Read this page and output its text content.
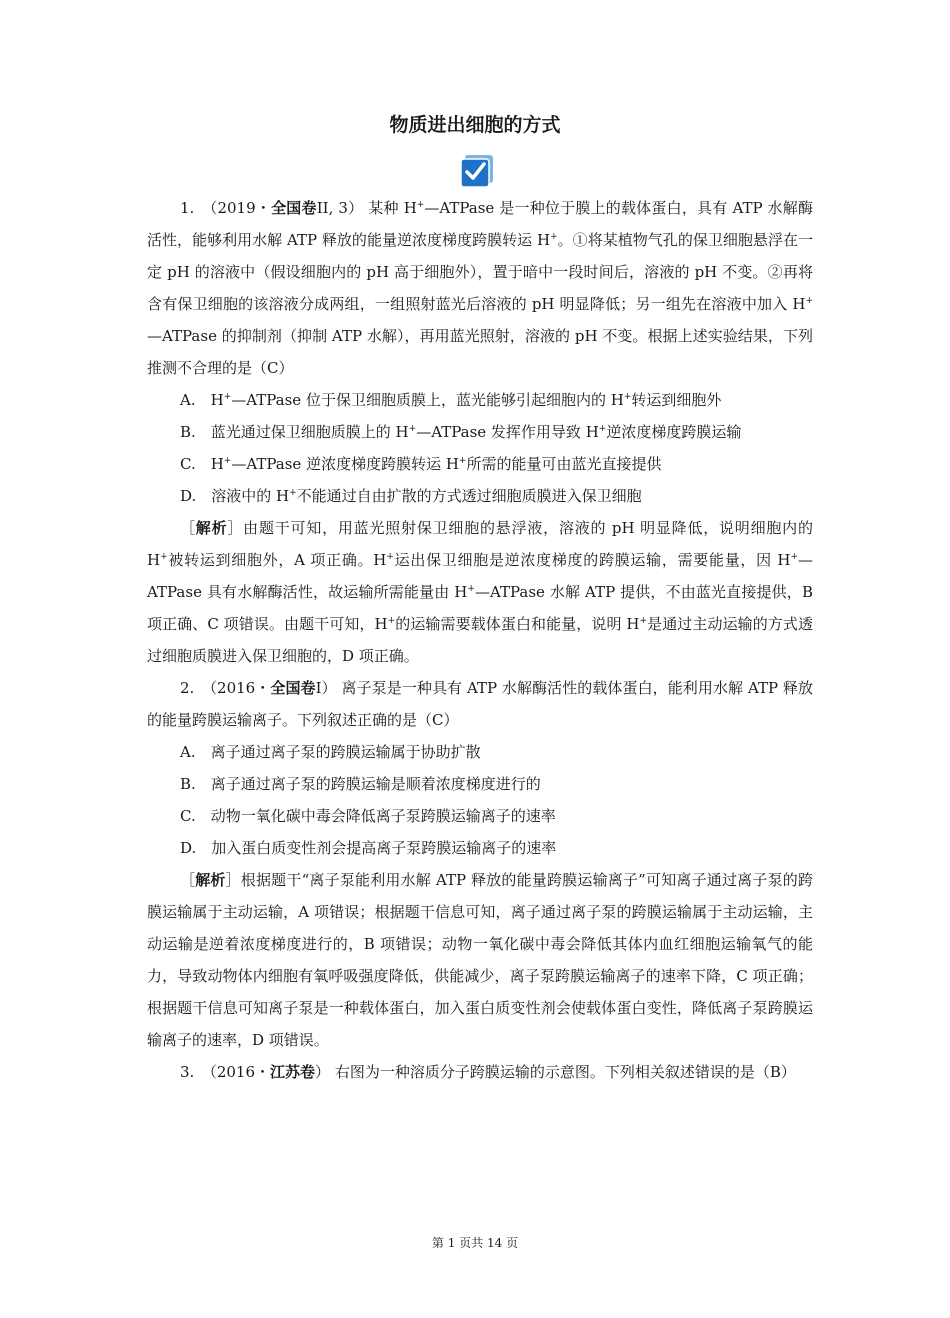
物质进出细胞的方式

1.　 （2019・全国卷II, 3） 某种 H+—ATPase 是一种位于膜上的载体蛋白，具有 ATP 水解酶活性，能够利用水解 ATP 释放的能量逆浓度梯度跨膜转运 H+。①将某植物气孔的保卫细胞悬浮在一定 pH 的溶液中（假设细胞内的 pH 高于细胞外），置于暗中一段时间后，溶液的 pH 不变。②再将含有保卫细胞的该溶液分成两组，一组照射蓝光后溶液的 pH 明显降低；另一组先在溶液中加入 H+—ATPase 的抑制剂（抑制 ATP 水解），再用蓝光照射，溶液的 pH 不变。根据上述实验结果，下列推测不合理的是（C）

A.　H+—ATPase 位于保卫细胞质膜上，蓝光能够引起细胞内的 H+转运到细胞外

B.　蓝光通过保卫细胞质膜上的 H+—ATPase 发挥作用导致 H+逆浓度梯度跨膜运输

C.　H+—ATPase 逆浓度梯度跨膜转运 H+所需的能量可由蓝光直接提供

D.　溶液中的 H+不能通过自由扩散的方式透过细胞质膜进入保卫细胞

［解析］由题干可知，用蓝光照射保卫细胞的悬浮液，溶液的 pH 明显降低，说明细胞内的 H+被转运到细胞外，A 项正确。H+运出保卫细胞是逆浓度梯度的跨膜运输，需要能量，因 H+—ATPase 具有水解酶活性，故运输所需能量由 H+—ATPase 水解 ATP 提供，不由蓝光直接提供，B 项正确、C 项错误。由题干可知，H+的运输需要载体蛋白和能量，说明 H+是通过主动运输的方式透过细胞质膜进入保卫细胞的，D 项正确。

2.　 （2016・全国卷I） 离子泵是一种具有 ATP 水解酶活性的载体蛋白，能利用水解 ATP 释放的能量跨膜运输离子。下列叙述正确的是（C）

A.　离子通过离子泵的跨膜运输属于协助扩散

B.　离子通过离子泵的跨膜运输是顺着浓度梯度进行的

C.　动物一氧化碳中毒会降低离子泵跨膜运输离子的速率

D.　加入蛋白质变性剂会提高离子泵跨膜运输离子的速率

［解析］根据题干“离子泵能利用水解 ATP 释放的能量跨膜运输离子”可知离子通过离子泵的跨膜运输属于主动运输，A 项错误；根据题干信息可知，离子通过离子泵的跨膜运输属于主动运输，主动运输是逆着浓度梯度进行的，B 项错误；动物一氧化碳中毒会降低其体内血红细胞运输氧气的能力，导致动物体内细胞有氧呼吸强度降低，供能减少，离子泵跨膜运输离子的速率下降，C 项正确；根据题干信息可知离子泵是一种载体蛋白，加入蛋白质变性剂会使载体蛋白变性，降低离子泵跨膜运输离子的速率，D 项错误。

3.　 （2016・江苏卷） 右图为一种溶质分子跨膜运输的示意图。下列相关叙述错误的是（B）

第 1 页共 14 页
